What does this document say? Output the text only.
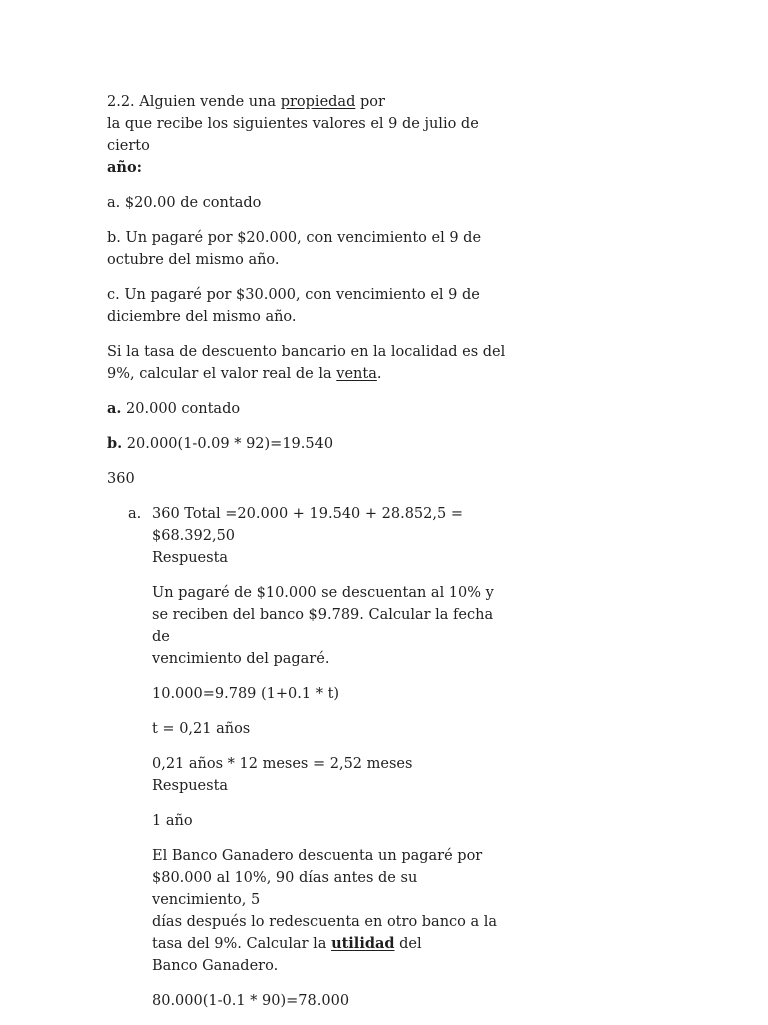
2.2. Alguien vende una propiedad por
la que recibe los siguientes valores el 9 de julio de cierto
año:

a. $20.00 de contado

b. Un pagaré por $20.000, con vencimiento el 9 de
octubre del mismo año.

c. Un pagaré por $30.000, con vencimiento el 9 de
diciembre del mismo año.

Si la tasa de descuento bancario en la localidad es del
9%, calcular el valor real de la venta.

a. 20.000 contado

b. 20.000(1-0.09 * 92)=19.540

360

a. 360 Total =20.000 + 19.540 + 28.852,5 = $68.392,50
Respuesta

Un pagaré de $10.000 se descuentan al 10% y
se reciben del banco $9.789. Calcular la fecha de
vencimiento del pagaré.

10.000=9.789 (1+0.1 * t)

t = 0,21 años

0,21 años * 12 meses = 2,52 meses
Respuesta

1 año

El Banco Ganadero descuenta un pagaré por
$80.000 al 10%, 90 días antes de su vencimiento, 5
días después lo redescuenta en otro banco a la
tasa del 9%. Calcular la utilidad del
Banco Ganadero.

80.000(1-0.1 * 90)=78.000
